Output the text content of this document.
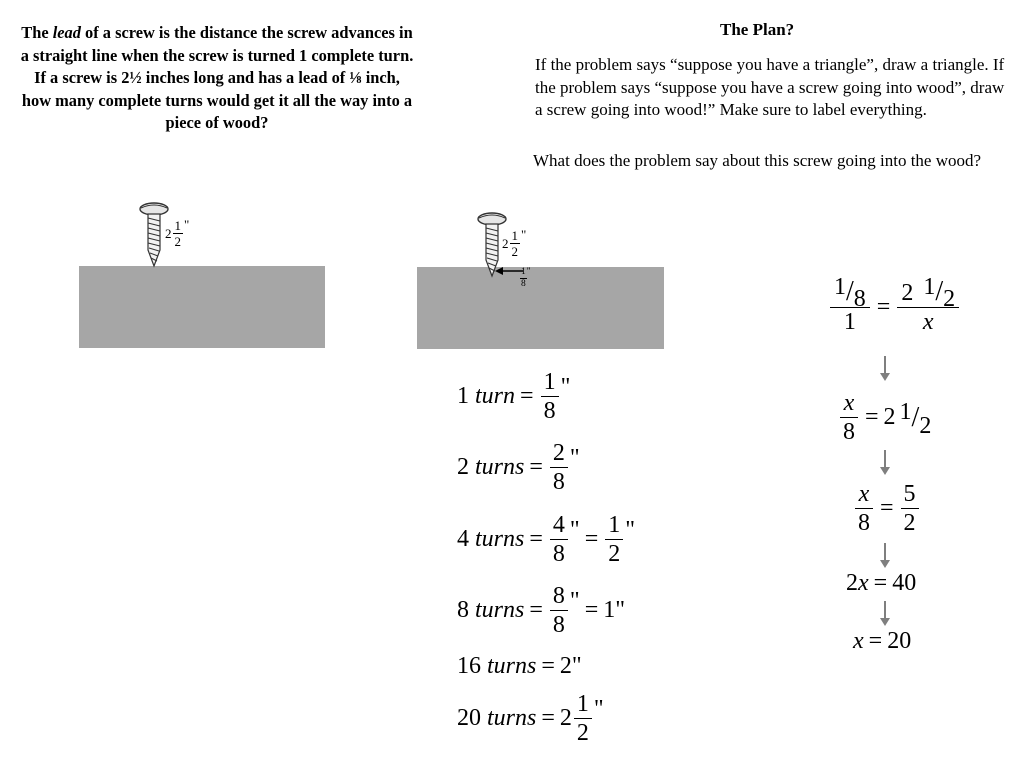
The lead of a screw is the distance the screw advances in a straight line when the screw is turned 1 complete turn. If a screw is 2½ inches long and has a lead of ⅛ inch, how many complete turns would get it all the way into a piece of wood?
The Plan?
If the problem says “suppose you have a triangle”, draw a triangle. If the problem says “suppose you have a screw going into wood”, draw a screw going into wood!” Make sure to label everything.
What does the problem say about this screw going into the wood?
$2 \frac{1}{2}$ "
$2 \frac{1}{2}$ "
$\frac{1}{8}$ "
1 turn = $\frac{1}{8}$ "
2 turns = $\frac{2}{8}$ "
4 turns = $\frac{4}{8}$ " = $\frac{1}{2}$ "
8 turns = $\frac{8}{8}$ " = 1"
16 turns = 2"
20 turns = $2 \frac{1}{2}$ "
$\frac{1/8}{1} = \frac{2 1/2}{x}$
$\frac{x}{8} = 2$ 1/2
$\frac{x}{8} = \frac{5}{2}$
2 x = 40
x = 20
